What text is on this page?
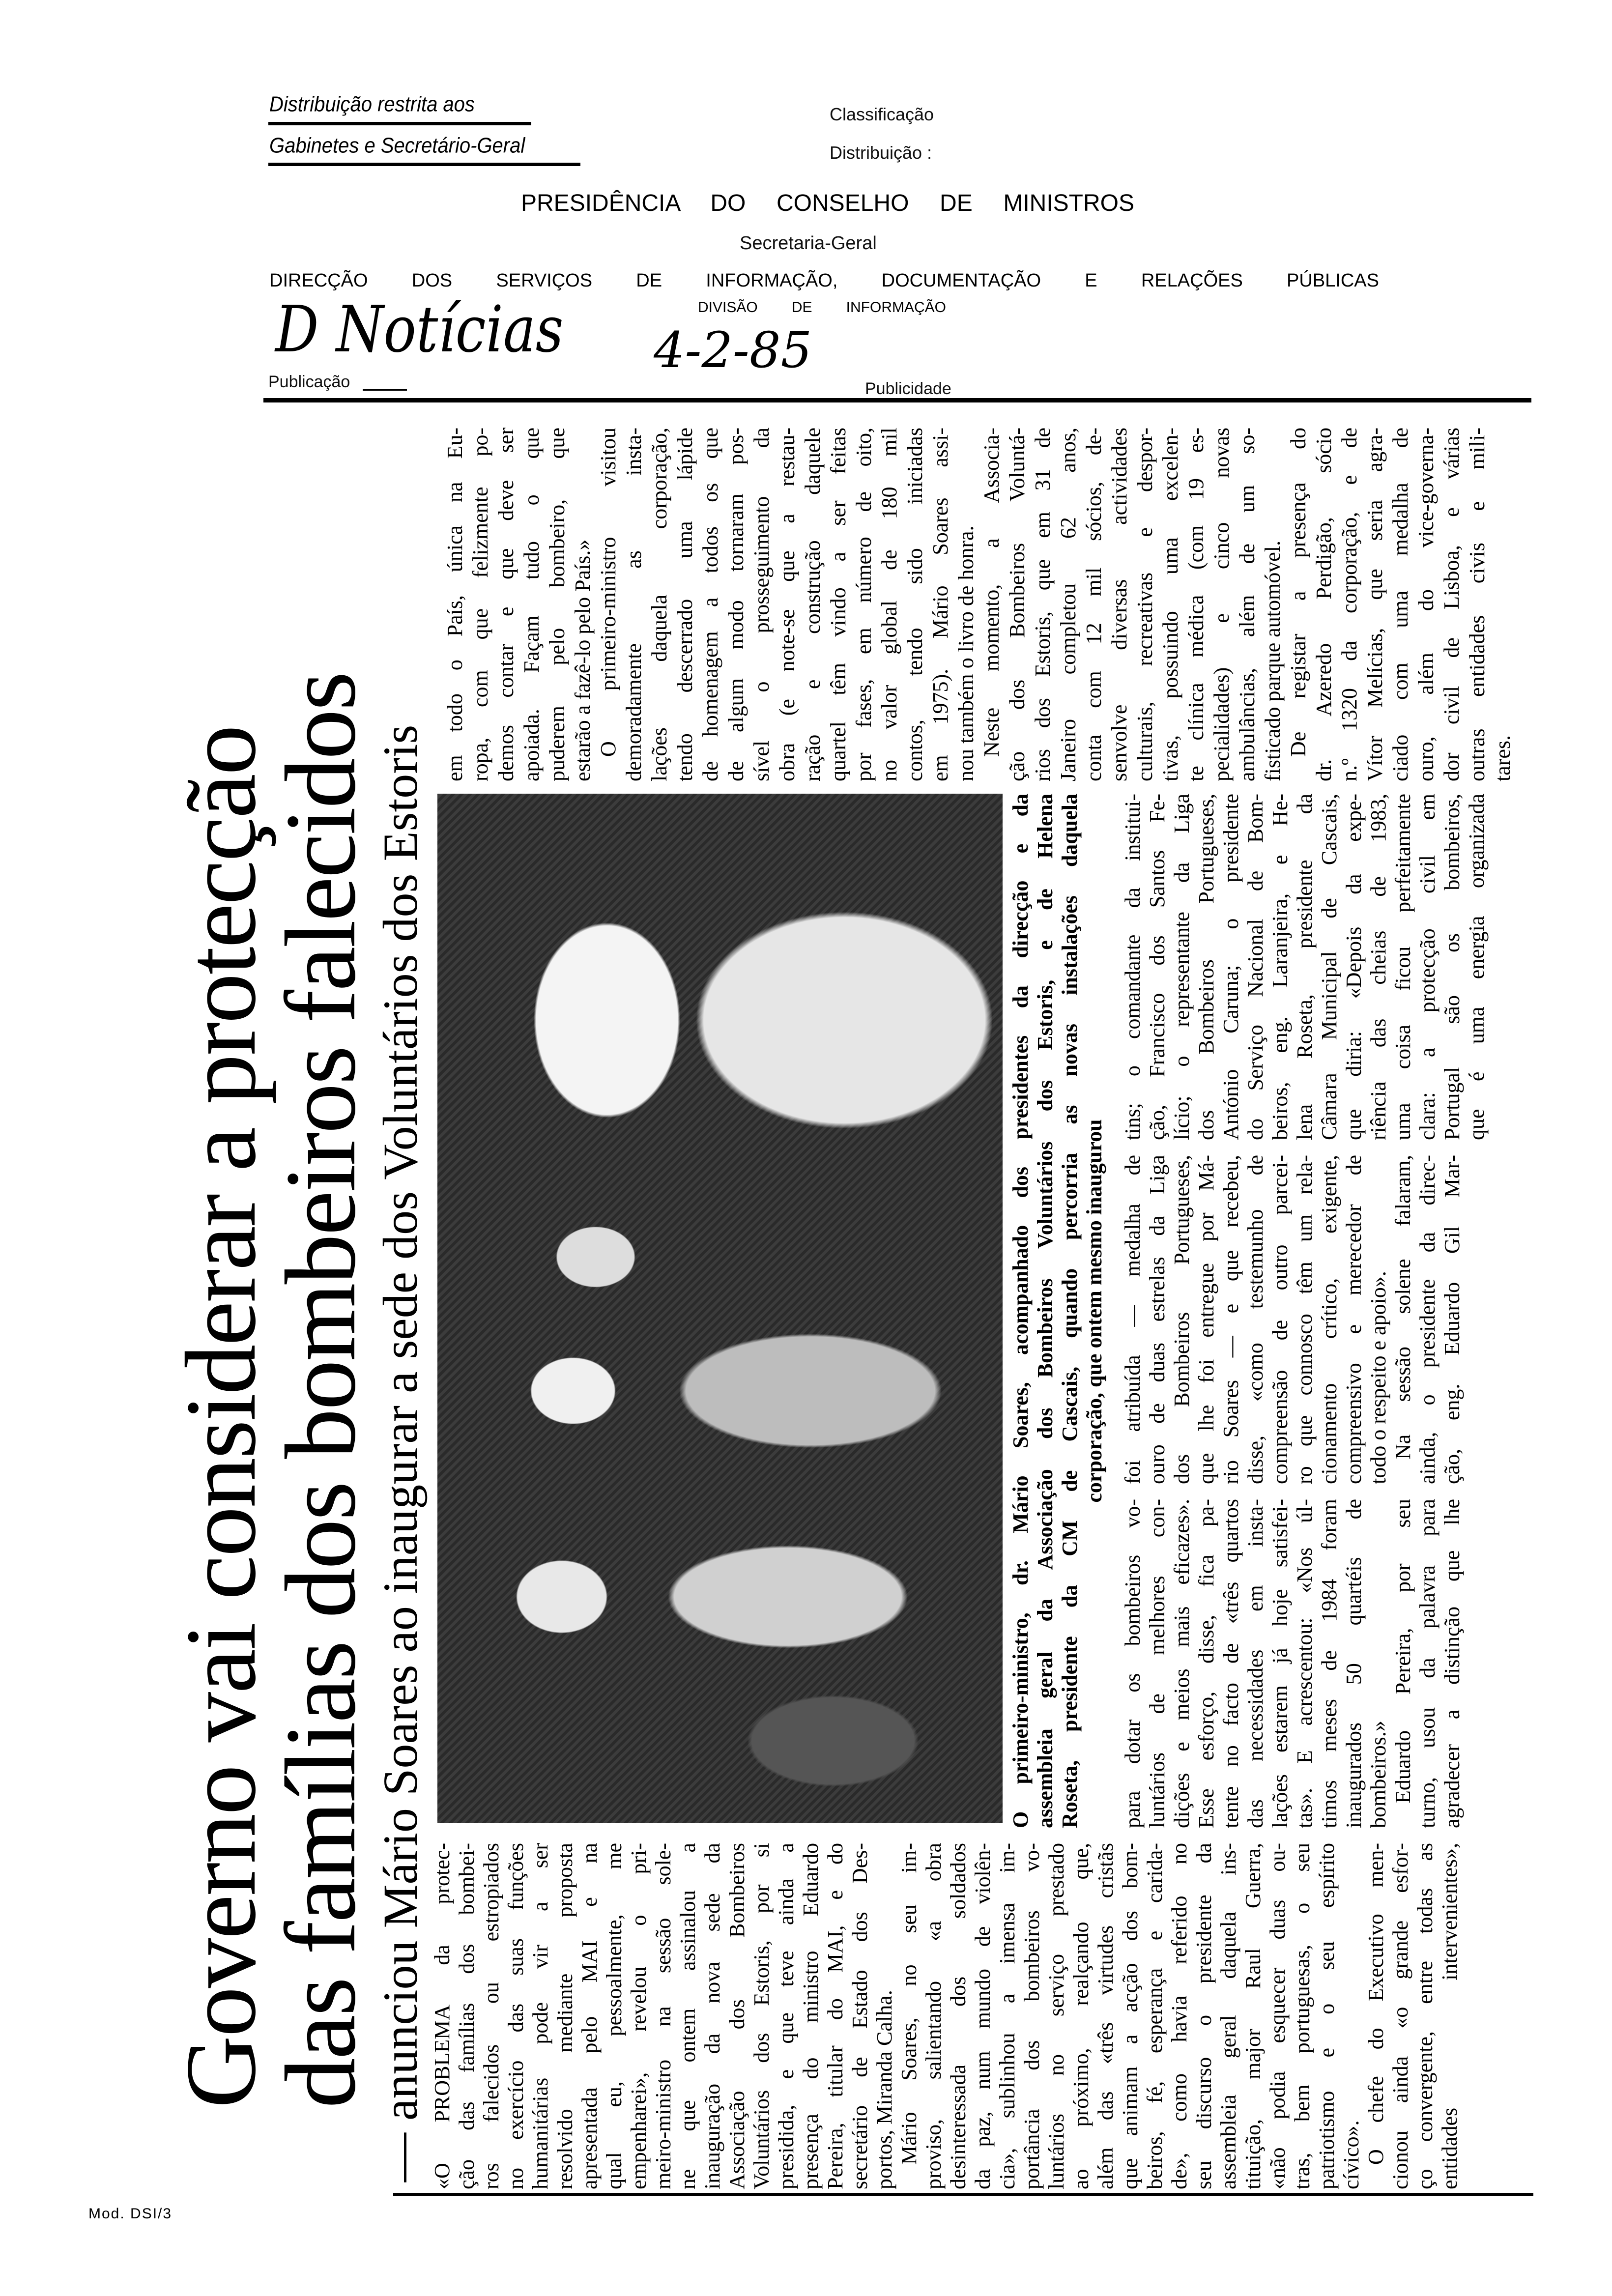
Distribuição restrita aos
Gabinetes e Secretário-Geral
Classificação
Distribuição :
PRESIDÊNCIA DO CONSELHO DE MINISTROS
Secretaria-Geral
DIRECÇÃO DOS SERVIÇOS DE INFORMAÇÃO, DOCUMENTAÇÃO E RELAÇÕES PÚBLICAS
D Notícias	DIVISÃO DE INFORMAÇÃO
4-2-85
Publicação	Publicidade
Governo vai considerar a protecção
das famílias dos bombeiros falecidos
— anunciou Mário Soares ao inaugurar a sede dos Voluntários dos Estoris «O PROBLEMA da protec- ção das famílias dos bombei- ros falecidos ou estropiados no exercício das suas funções humanitárias pode vir a ser resolvido mediante proposta apresentada pelo MAI e na qual eu, pessoalmente, me empenharei», revelou o pri- meiro-ministro na sessão sole- ne que ontem assinalou a inauguração da nova sede da Associação dos Bombeiros Voluntários dos Estoris, por si presidida, e que teve ainda a presença do ministro Eduardo Pereira, titular do MAI, e do secretário de Estado dos Des- portos, Miranda Calha. Mário Soares, no seu im- proviso, salientando «a obra desinteressada dos soldados da paz, num mundo de violên- cia», sublinhou a imensa im- portância dos bombeiros vo- luntários no serviço prestado ao próximo, realçando que, além das «três virtudes cristãs que animam a acção dos bom- beiros, fé, esperança e carida- de», como havia referido no seu discurso o presidente da assembleia geral daquela ins- tituição, major Raul Guerra, «não podia esquecer duas ou- tras, bem portuguesas, o seu patriotismo e o seu espírito cívico». O chefe do Executivo men- cionou ainda «o grande esfor- ço convergente, entre todas as entidades intervenientes»,
O primeiro-ministro, dr. Mário Soares, acompanhado dos presidentes da direcção e da assembleia geral da Associação dos Bombeiros Voluntários dos Estoris, e de Helena Roseta, presidente da CM de Cascais, quando percorria as novas instalações daquela corporação, que ontem mesmo inaugurou
para dotar os bombeiros vo- luntários de melhores con- dições e meios mais eficazes». Esse esforço, disse, fica pa- tente no facto de «três quartos das necessidades em insta- lações estarem já hoje satisfei- tas». E acrescentou: «Nos úl- timos meses de 1984 foram inaugurados 50 quartéis de bombeiros.» Eduardo Pereira, por seu turno, usou da palavra para agradecer a distinção que lhe
foi atribuída — medalha de ouro de duas estrelas da Liga dos Bombeiros Portugueses, que lhe foi entregue por Má- rio Soares — e que recebeu, disse, «como testemunho de compreensão de outro parcei- ro que connosco têm um rela- cionamento crítico, exigente, compreensivo e merecedor de todo o respeito e apoio». Na sessão solene falaram, ainda, o presidente da direc- ção, eng. Eduardo Gil Mar-
tins; o comandante da institui- ção, Francisco dos Santos Fe- lício; o representante da Liga dos Bombeiros Portugueses, António Caruna; o presidente do Serviço Nacional de Bom- beiros, eng. Laranjeira, e He- lena Roseta, presidente da Câmara Municipal de Cascais, que diria: «Depois da expe- riência das cheias de 1983, uma coisa ficou perfeitamente clara: a protecção civil em Portugal são os bombeiros, que é uma energia organizada
em todo o País, única na Eu- ropa, com que felizmente po- demos contar e que deve ser apoiada. Façam tudo o que puderem pelo bombeiro, que estarão a fazê-lo pelo País.» O primeiro-ministro visitou demoradamente as insta- lações daquela corporação, tendo descerrado uma lápide de homenagem a todos os que de algum modo tornaram pos- sível o prosseguimento da obra (e note-se que a restau- ração e construção daquele quartel têm vindo a ser feitas por fases, em número de oito, no valor global de 180 mil contos, tendo sido iniciadas em 1975). Mário Soares assi- nou também o livro de honra. Neste momento, a Associa- ção dos Bombeiros Voluntá- rios dos Estoris, que em 31 de Janeiro completou 62 anos, conta com 12 mil sócios, de- senvolve diversas actividades culturais, recreativas e despor- tivas, possuindo uma excelen- te clínica médica (com 19 es- pecialidades) e cinco novas ambulâncias, além de um so- fisticado parque automóvel. De registar a presença do dr. Azeredo Perdigão, sócio n.º 1320 da corporação, e de Vítor Melícias, que seria agra- ciado com uma medalha de ouro, além do vice-governa- dor civil de Lisboa, e várias outras entidades civis e mili- tares.
Mod. DSI/3
